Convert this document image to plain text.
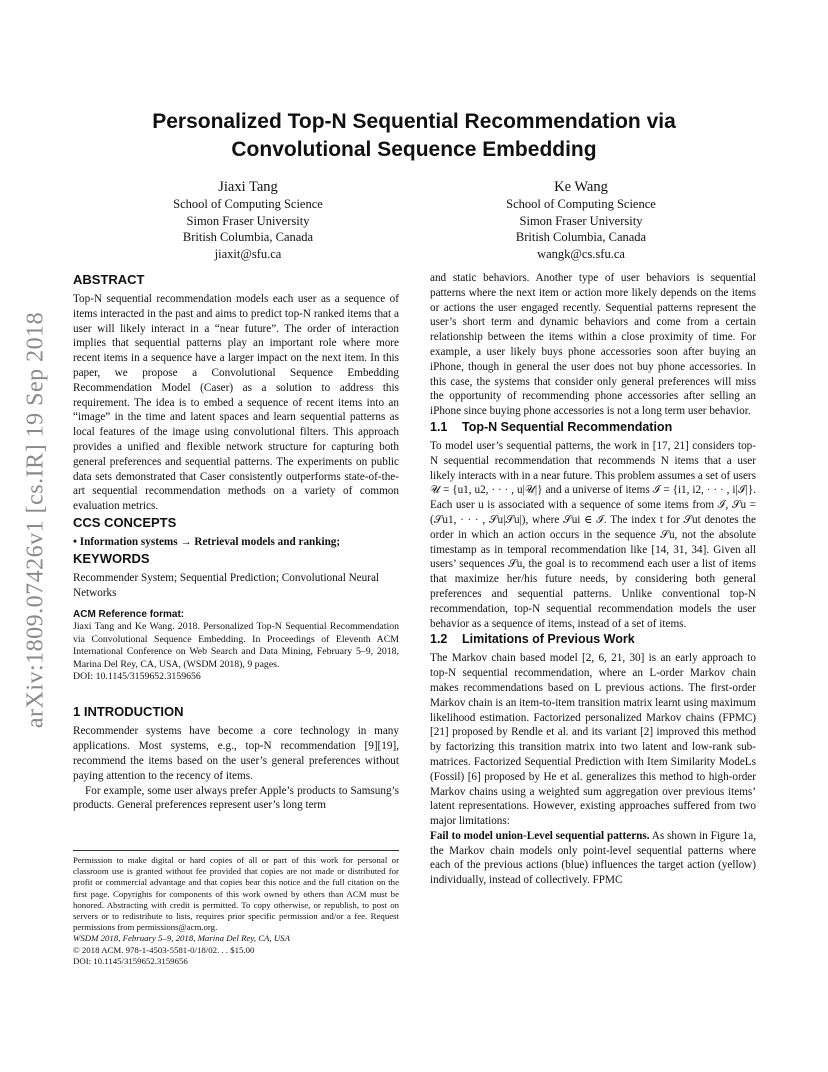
Personalized Top-N Sequential Recommendation via
Convolutional Sequence Embedding
Jiaxi Tang
School of Computing Science
Simon Fraser University
British Columbia, Canada
jiaxit@sfu.ca
Ke Wang
School of Computing Science
Simon Fraser University
British Columbia, Canada
wangk@cs.sfu.ca
arXiv:1809.07426v1 [cs.IR] 19 Sep 2018
ABSTRACT

Top-N sequential recommendation models each user as a sequence of items interacted in the past and aims to predict top-N ranked items that a user will likely interact in a “near future”. The order of interaction implies that sequential patterns play an important role where more recent items in a sequence have a larger impact on the next item. In this paper, we propose a Convolutional Sequence Embedding Recommendation Model (Caser) as a solution to address this requirement. The idea is to embed a sequence of recent items into an “image” in the time and latent spaces and learn sequential patterns as local features of the image using convolutional filters. This approach provides a unified and flexible network structure for capturing both general preferences and sequential patterns. The experiments on public data sets demonstrated that Caser consistently outperforms state-of-the-art sequential recommendation methods on a variety of common evaluation metrics.

CCS CONCEPTS

• Information systems → Retrieval models and ranking;

KEYWORDS

Recommender System; Sequential Prediction; Convolutional Neural Networks

ACM Reference format:

Jiaxi Tang and Ke Wang. 2018. Personalized Top-N Sequential Recommendation via Convolutional Sequence Embedding. In Proceedings of Eleventh ACM International Conference on Web Search and Data Mining, February 5–9, 2018, Marina Del Rey, CA, USA, (WSDM 2018), 9 pages.

DOI: 10.1145/3159652.3159656

1 INTRODUCTION

Recommender systems have become a core technology in many applications. Most systems, e.g., top-N recommendation [9][19], recommend the items based on the user’s general preferences without paying attention to the recency of items.

For example, some user always prefer Apple’s products to Samsung’s products. General preferences represent user’s long term

Permission to make digital or hard copies of all or part of this work for personal or classroom use is granted without fee provided that copies are not made or distributed for profit or commercial advantage and that copies bear this notice and the full citation on the first page. Copyrights for components of this work owned by others than ACM must be honored. Abstracting with credit is permitted. To copy otherwise, or republish, to post on servers or to redistribute to lists, requires prior specific permission and/or a fee. Request permissions from permissions@acm.org.

WSDM 2018, February 5–9, 2018, Marina Del Rey, CA, USA
© 2018 ACM. 978-1-4503-5581-0/18/02. . . $15.00
DOI: 10.1145/3159652.3159656

and static behaviors. Another type of user behaviors is sequential patterns where the next item or action more likely depends on the items or actions the user engaged recently. Sequential patterns represent the user’s short term and dynamic behaviors and come from a certain relationship between the items within a close proximity of time. For example, a user likely buys phone accessories soon after buying an iPhone, though in general the user does not buy phone accessories. In this case, the systems that consider only general preferences will miss the opportunity of recommending phone accessories after selling an iPhone since buying phone accessories is not a long term user behavior.

1.1 Top-N Sequential Recommendation

To model user’s sequential patterns, the work in [17, 21] considers top-N sequential recommendation that recommends N items that a user likely interacts with in a near future. This problem assumes a set of users 𝒰 = {u1, u2, · · · , u|𝒰|} and a universe of items ℐ = {i1, i2, · · · , i|ℐ|}. Each user u is associated with a sequence of some items from ℐ, 𝒮u = (𝒮u1, · · · , 𝒮u|𝒮u|), where 𝒮ui ∈ ℐ. The index t for 𝒮ut denotes the order in which an action occurs in the sequence 𝒮u, not the absolute timestamp as in temporal recommendation like [14, 31, 34]. Given all users’ sequences 𝒮u, the goal is to recommend each user a list of items that maximize her/his future needs, by considering both general preferences and sequential patterns. Unlike conventional top-N recommendation, top-N sequential recommendation models the user behavior as a sequence of items, instead of a set of items.

1.2 Limitations of Previous Work

The Markov chain based model [2, 6, 21, 30] is an early approach to top-N sequential recommendation, where an L-order Markov chain makes recommendations based on L previous actions. The first-order Markov chain is an item-to-item transition matrix learnt using maximum likelihood estimation. Factorized personalized Markov chains (FPMC) [21] proposed by Rendle et al. and its variant [2] improved this method by factorizing this transition matrix into two latent and low-rank sub-matrices. Factorized Sequential Prediction with Item Similarity ModeLs (Fossil) [6] proposed by He et al. generalizes this method to high-order Markov chains using a weighted sum aggregation over previous items’ latent representations. However, existing approaches suffered from two major limitations:

Fail to model union-Level sequential patterns. As shown in Figure 1a, the Markov chain models only point-level sequential patterns where each of the previous actions (blue) influences the target action (yellow) individually, instead of collectively. FPMC
